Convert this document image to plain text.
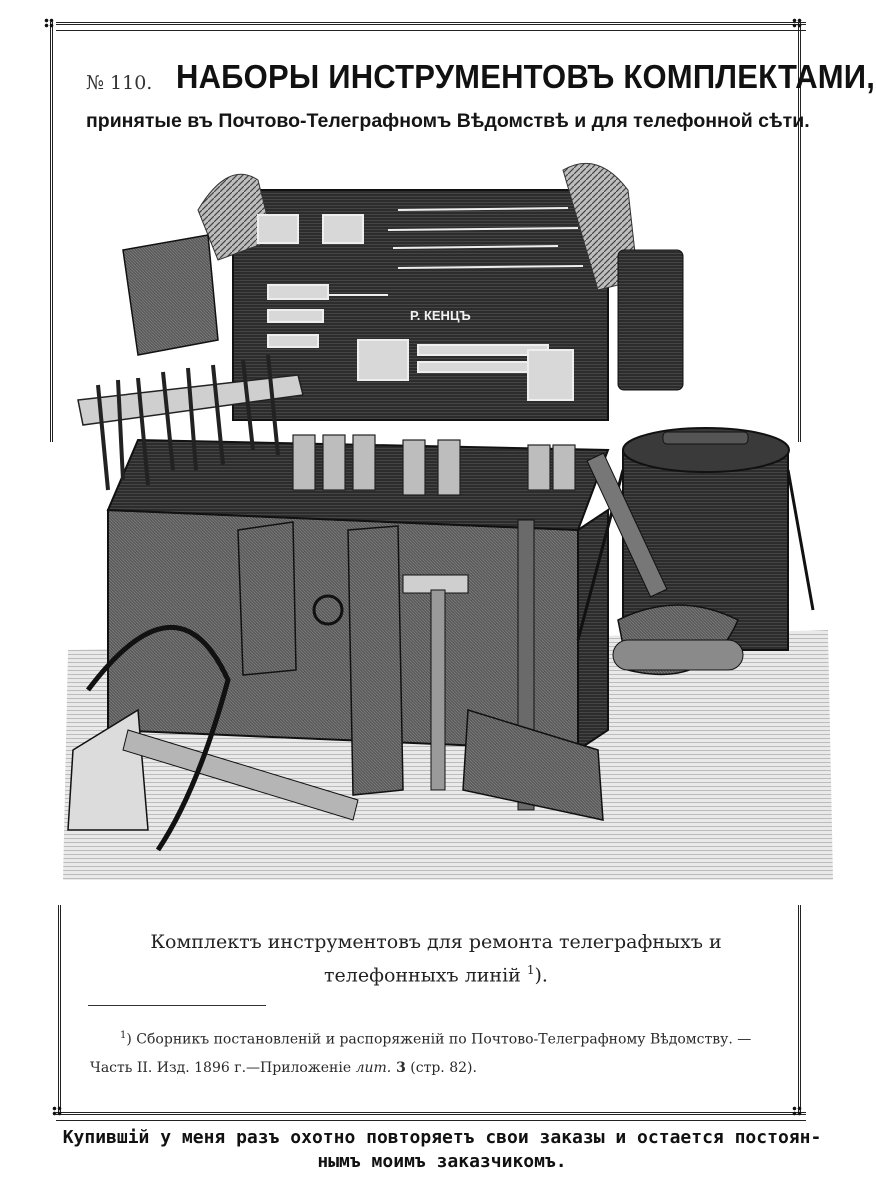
№ 110. НАБОРЫ ИНСТРУМЕНТОВЪ КОМПЛЕКТАМИ,
принятые въ Почтово-Телеграфномъ Вѣдомствѣ и для телефонной сѣти.
Р. КЕНЦЪ
Комплектъ инструментовъ для ремонта телеграфныхъ и телефонныхъ линiй $^1$).
$^1$) Сборникъ постановленiй и распоряженiй по Почтово-Телеграфному Вѣдомству. —
Часть II. Изд. 1896 г.—Приложенiе лит. 3 (стр. 82).
Купившiй у меня разъ охотно повторяетъ свои заказы и остается постоян-
нымъ моимъ заказчикомъ.
